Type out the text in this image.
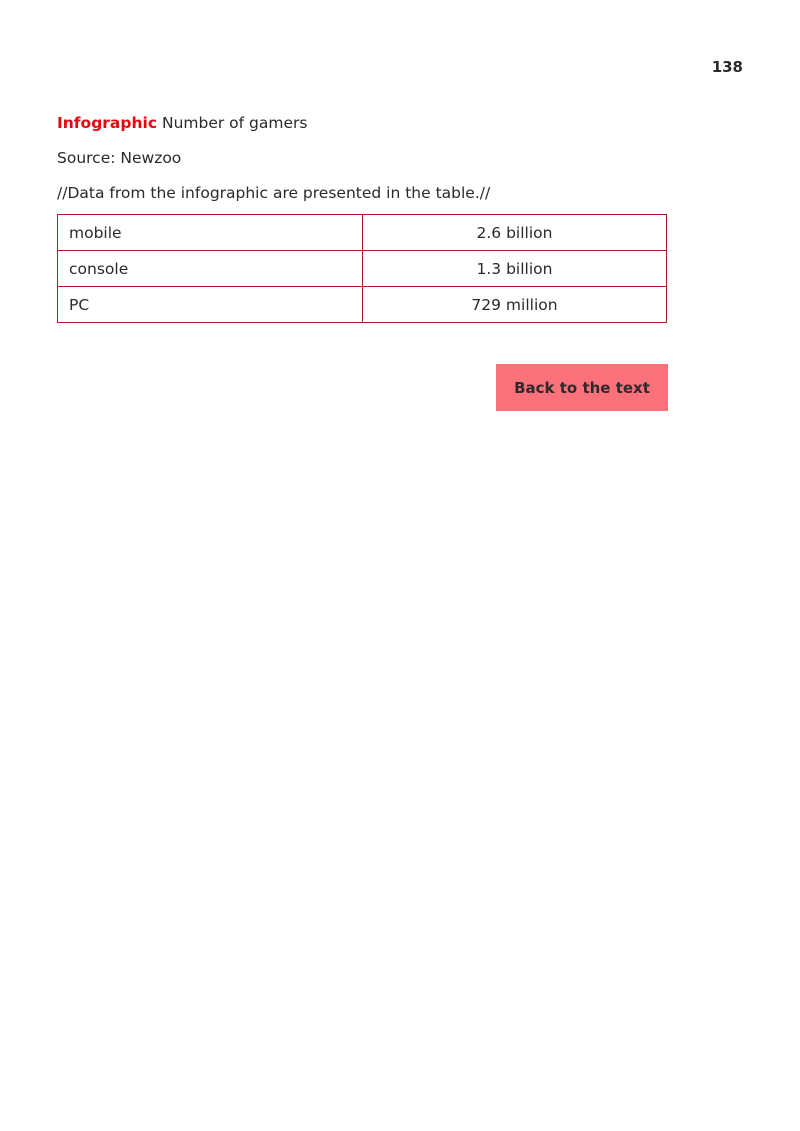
138

Infographic Number of gamers

Source: Newzoo

//Data from the infographic are presented in the table.//

mobile	2.6 billion
console	1.3 billion
PC	729 million
Back to the text
